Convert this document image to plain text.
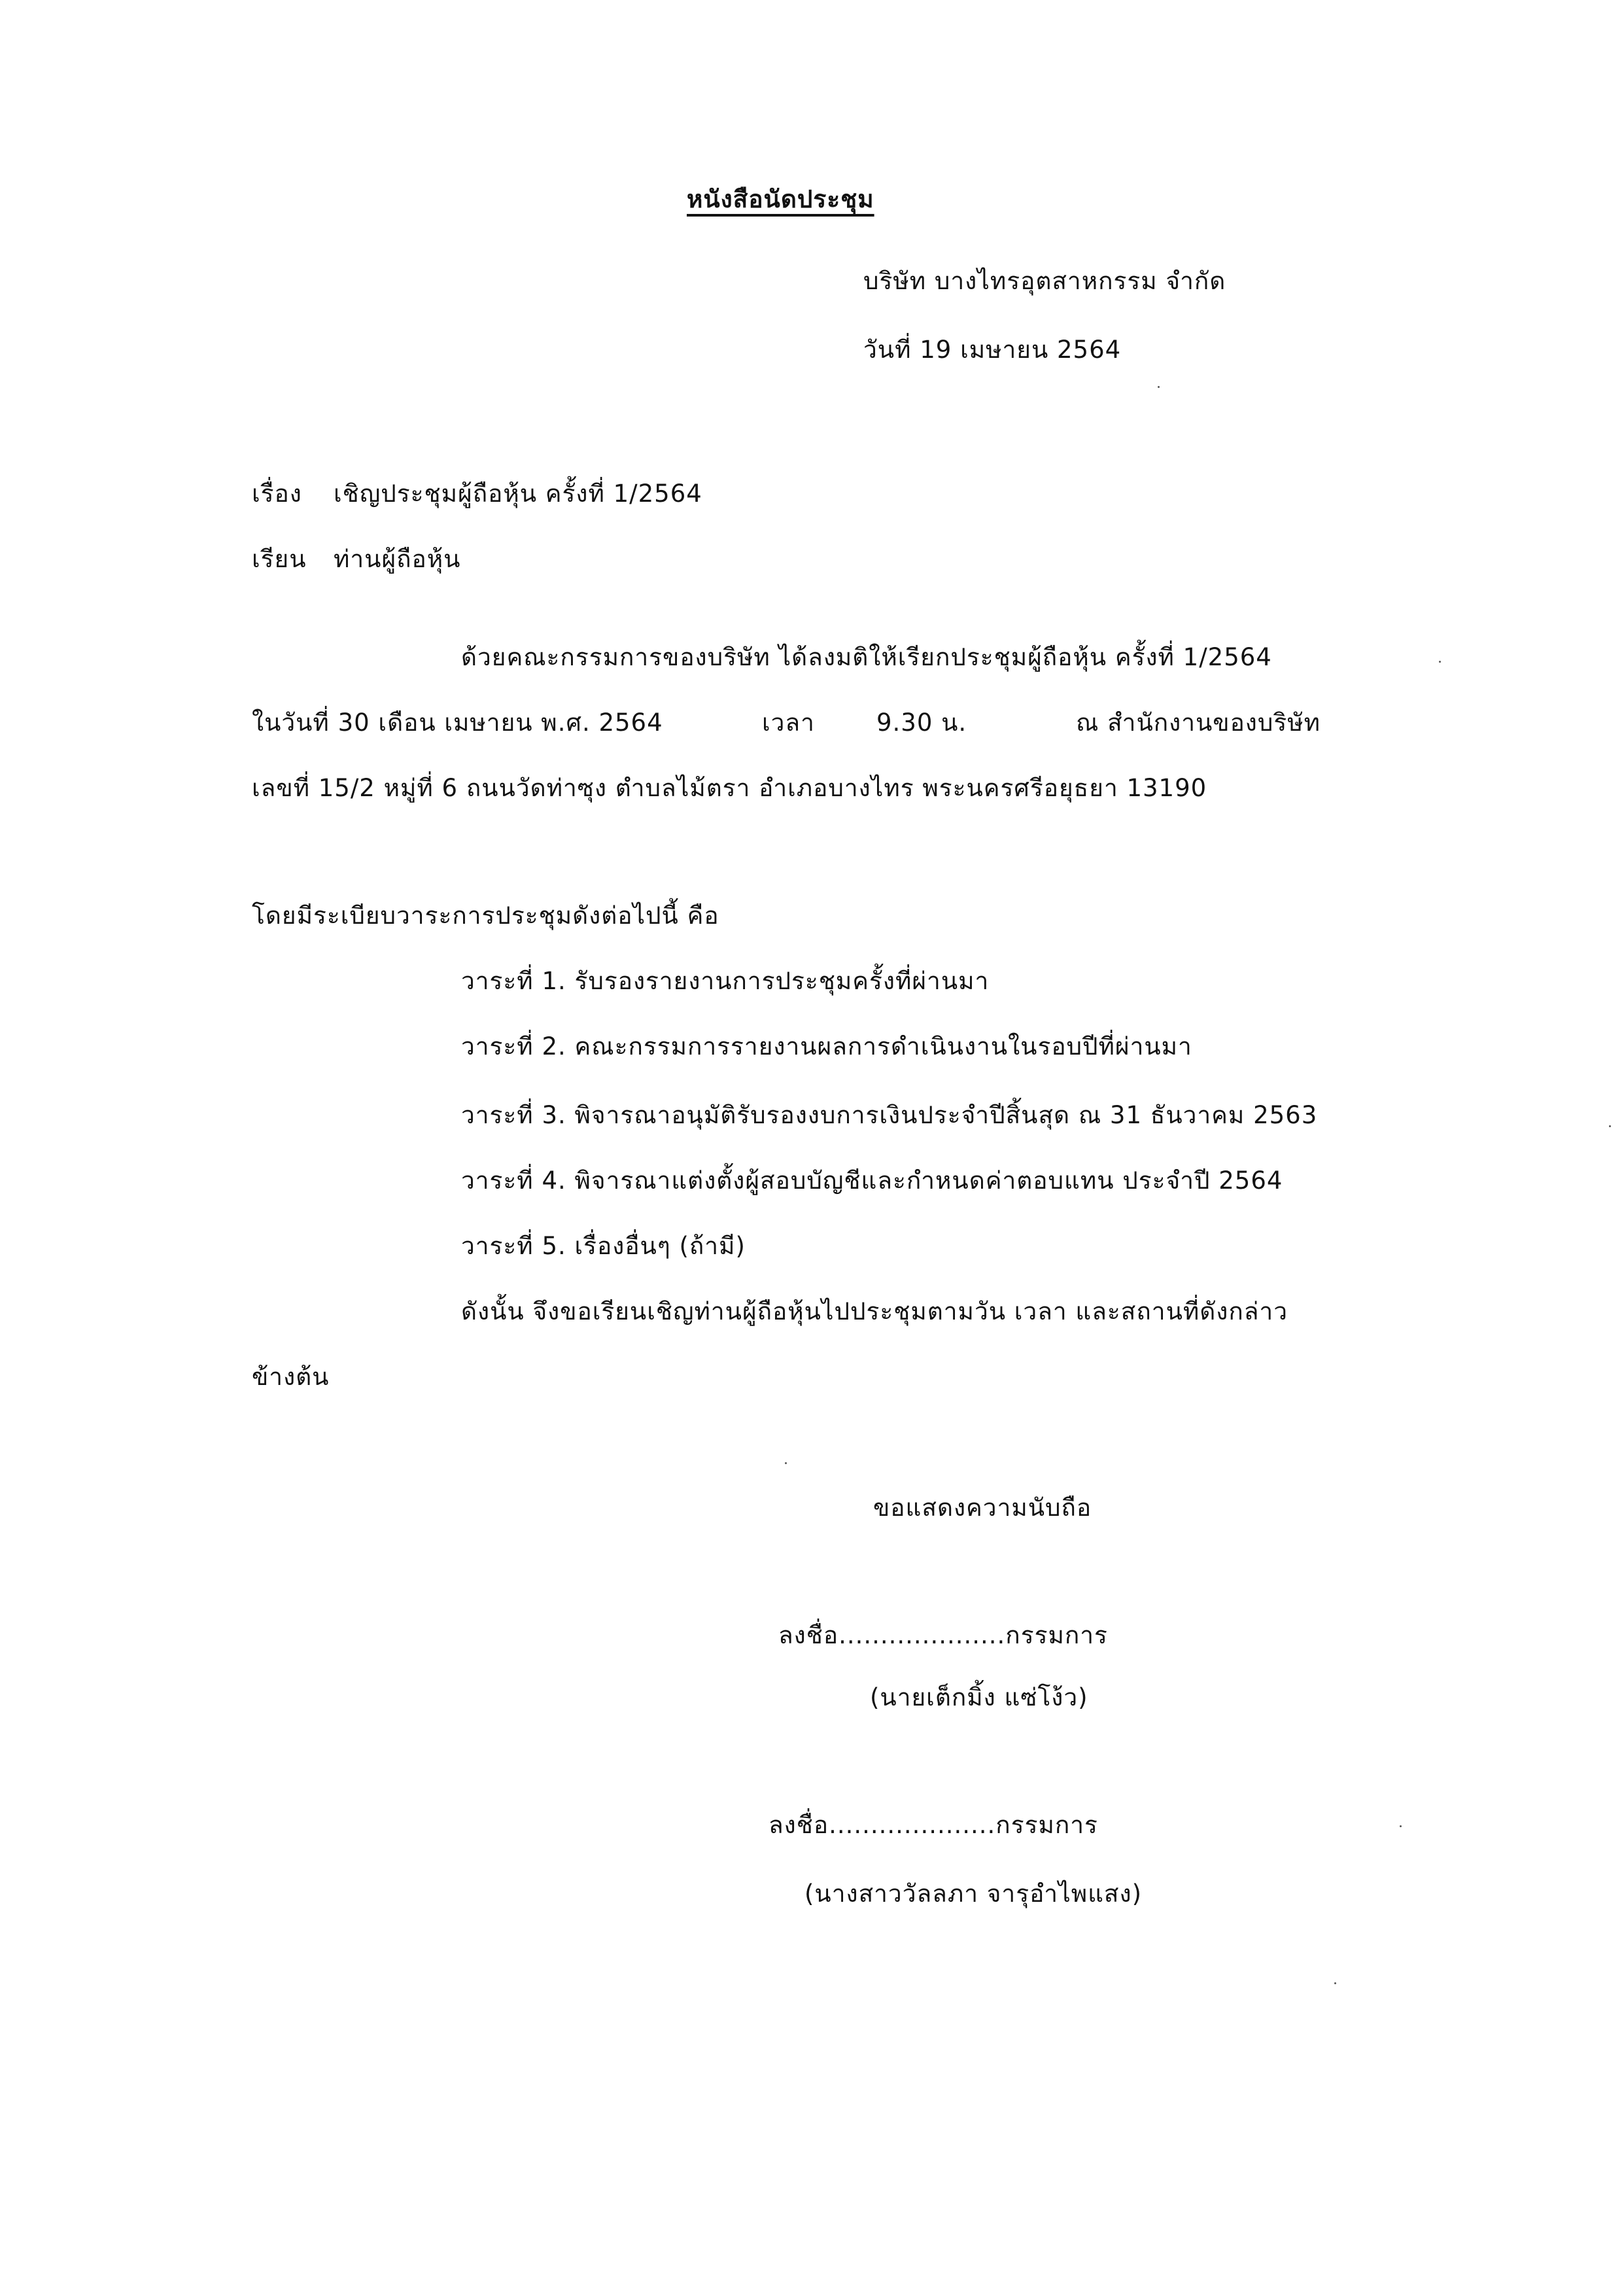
หนังสือนัดประชุม
บริษัท บางไทรอุตสาหกรรม จำกัด
วันที่ 19 เมษายน 2564
เรื่อง เชิญประชุมผู้ถือหุ้น ครั้งที่ 1/2564
เรียน ท่านผู้ถือหุ้น
ด้วยคณะกรรมการของบริษัท ได้ลงมติให้เรียกประชุมผู้ถือหุ้น ครั้งที่ 1/2564
ในวันที่ 30 เดือน เมษายน พ.ศ. 2564	เวลา	9.30 น.	ณ สำนักงานของบริษัท
เลขที่ 15/2 หมู่ที่ 6 ถนนวัดท่าซุง ตำบลไม้ตรา อำเภอบางไทร พระนครศรีอยุธยา 13190
โดยมีระเบียบวาระการประชุมดังต่อไปนี้ คือ
วาระที่ 1. รับรองรายงานการประชุมครั้งที่ผ่านมา
วาระที่ 2. คณะกรรมการรายงานผลการดำเนินงานในรอบปีที่ผ่านมา
วาระที่ 3. พิจารณาอนุมัติรับรองงบการเงินประจำปีสิ้นสุด ณ 31 ธันวาคม 2563
วาระที่ 4. พิจารณาแต่งตั้งผู้สอบบัญชีและกำหนดค่าตอบแทน ประจำปี 2564
วาระที่ 5. เรื่องอื่นๆ (ถ้ามี)
ดังนั้น จึงขอเรียนเชิญท่านผู้ถือหุ้นไปประชุมตามวัน เวลา และสถานที่ดังกล่าว
ข้างต้น
ขอแสดงความนับถือ
ลงชื่อ....................กรรมการ
(นายเต็กมิ้ง แซ่โง้ว)
ลงชื่อ....................กรรมการ
(นางสาววัลลภา จารุอำไพแสง)
